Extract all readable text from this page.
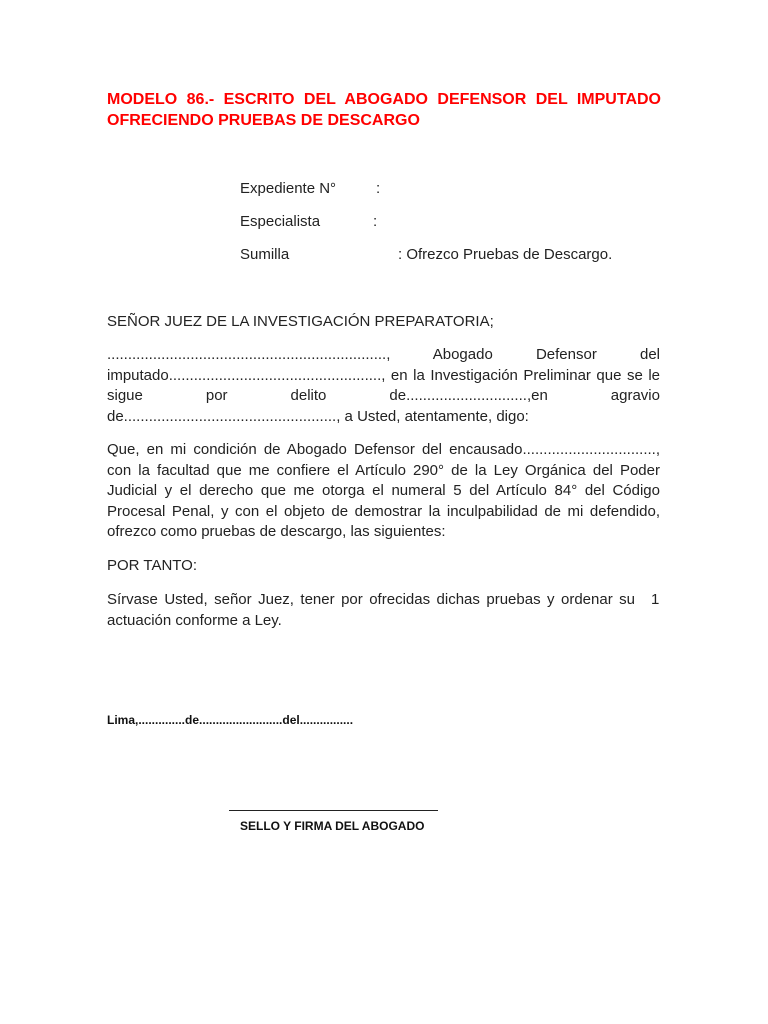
MODELO 86.- ESCRITO DEL ABOGADO DEFENSOR DEL IMPUTADO OFRECIENDO PRUEBAS DE DESCARGO

Expediente N°	:
Especialista	:
Sumilla	: Ofrezco Pruebas de Descargo.

SEÑOR JUEZ DE LA INVESTIGACIÓN PREPARATORIA;

..................................................................., Abogado Defensor del imputado..................................................., en la Investigación Preliminar que se le sigue por delito de.............................,en agravio de..................................................., a Usted, atentamente, digo:

Que, en mi condición de Abogado Defensor del encausado................................, con la facultad que me confiere el Artículo 290° de la Ley Orgánica del Poder Judicial y el derecho que me otorga el numeral 5 del Artículo 84° del Código Procesal Penal, y con el objeto de demostrar la inculpabilidad de mi defendido, ofrezco como pruebas de descargo, las siguientes:

POR TANTO:

Sírvase Usted, señor Juez, tener por ofrecidas dichas pruebas y ordenar su actuación conforme a Ley.

1

Lima,..............de.........................del................

SELLO Y FIRMA DEL ABOGADO
